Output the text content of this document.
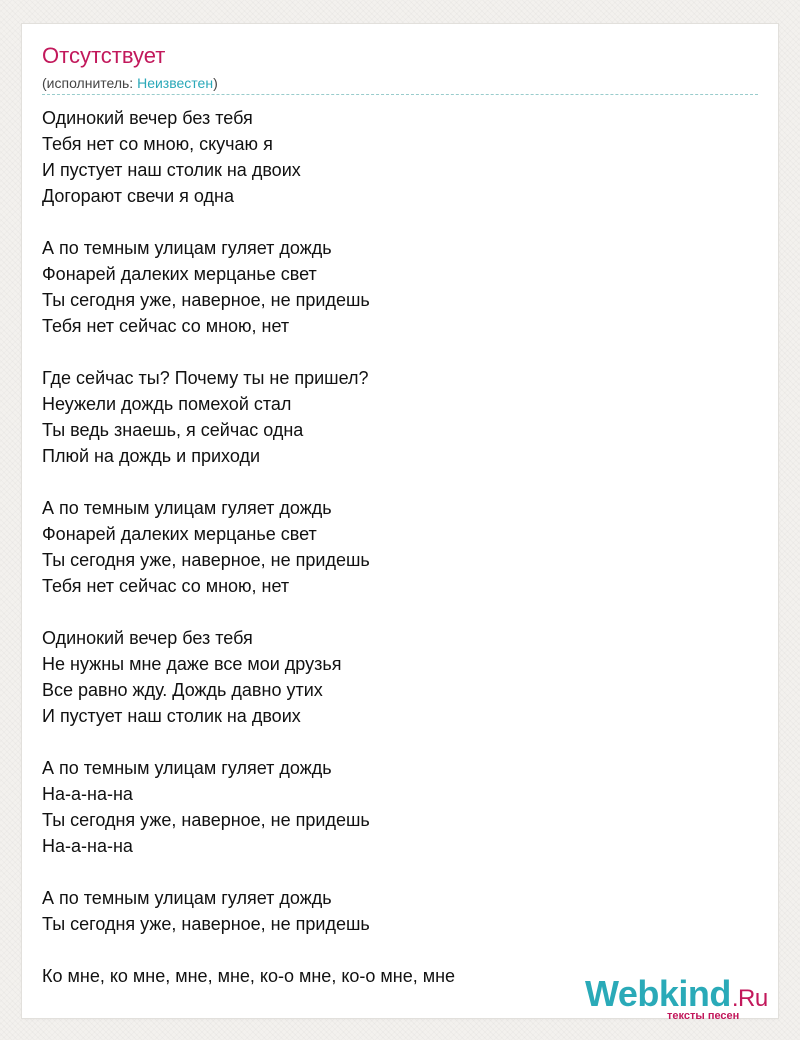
Отсутствует
(исполнитель: Неизвестен)
Одинокий вечер без тебя
Тебя нет со мною, скучаю я
И пустует наш столик на двоих
Догорают свечи я одна
А по темным улицам гуляет дождь
Фонарей далеких мерцанье свет
Ты сегодня уже, наверное, не придешь
Тебя нет сейчас со мною, нет
Где сейчас ты? Почему ты не пришел?
Неужели дождь помехой стал
Ты ведь знаешь, я сейчас одна
Плюй на дождь и приходи
А по темным улицам гуляет дождь
Фонарей далеких мерцанье свет
Ты сегодня уже, наверное, не придешь
Тебя нет сейчас со мною, нет
Одинокий вечер без тебя
Не нужны мне даже все мои друзья
Все равно жду. Дождь давно утих
И пустует наш столик на двоих
А по темным улицам гуляет дождь
На-а-на-на
Ты сегодня уже, наверное, не придешь
На-а-на-на
А по темным улицам гуляет дождь
Ты сегодня уже, наверное, не придешь
Ко мне, ко мне, мне, мне, ко-о мне, ко-о мне, мне	Webkind.Ru
тексты песен
